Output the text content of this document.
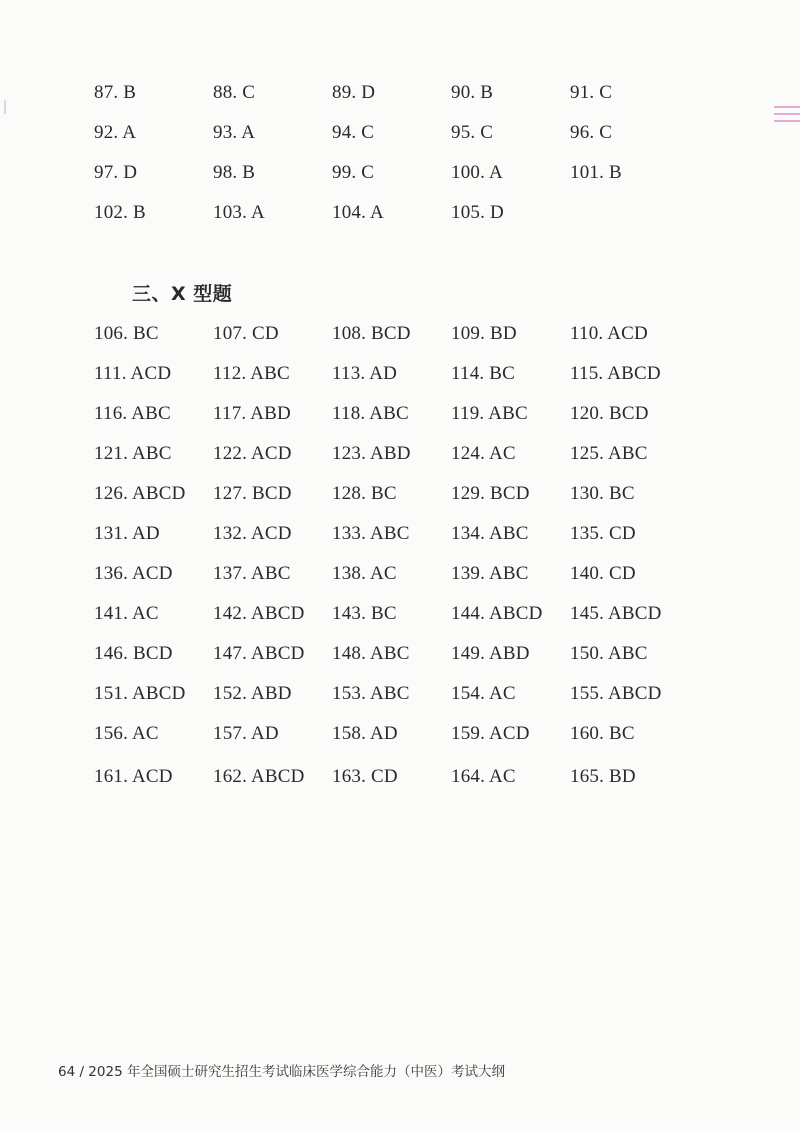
三、X 型题
87. B	88. C	89. D	90. B	91. C
92. A	93. A	94. C	95. C	96. C
97. D	98. B	99. C	100. A	101. B
102. B	103. A	104. A	105. D
106. BC	107. CD	108. BCD 109. BD	110. ACD
111. ACD 112. ABC 113. AD	114. BC	115. ABCD
116. ABC 117. ABD 118. ABC 119. ABC 120. BCD
121. ABC 122. ACD 123. ABD 124. AC	125. ABC
126. ABCD 127. BCD 128. BC	129. BCD 130. BC
131. AD	132. ACD 133. ABC 134. ABC 135. CD
136. ACD 137. ABC 138. AC	139. ABC 140. CD
141. AC	142. ABCD 143. BC	144. ABCD 145. ABCD
146. BCD 147. ABCD 148. ABC 149. ABD 150. ABC
151. ABCD 152. ABD 153. ABC 154. AC	155. ABCD
156. AC	157. AD	158. AD	159. ACD 160. BC
161. ACD 162. ABCD 163. CD	164. AC	165. BD
64 / 2025 年全国硕士研究生招生考试临床医学综合能力（中医）考试大纲
